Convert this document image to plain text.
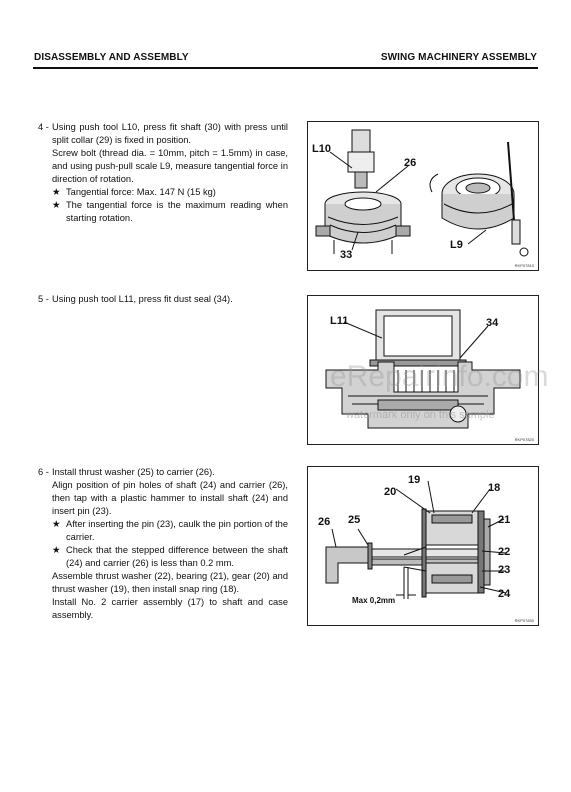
DISASSEMBLY AND ASSEMBLY	SWING MACHINERY ASSEMBLY
4 - Using push tool L10, press fit shaft (30) with press until split collar (29) is fixed in position.

Screw bolt (thread dia. = 10mm, pitch = 1.5mm) in case, and using push-pull scale L9, measure tangential force in direction of rotation.

★ Tangential force: Max. 147 N (15 kg)
★ The tangential force is the maximum reading when starting rotation.
5 - Using push tool L11, press fit dust seal (34).
6 - Install thrust washer (25) to carrier (26).

Align position of pin holes of shaft (24) and carrier (26), then tap with a plastic hammer to install shaft (24) and insert pin (23).

★ After inserting the pin (23), caulk the pin portion of the carrier.
★ Check that the stepped difference between the shaft (24) and carrier (26) is less than 0.2 mm.

Assemble thrust washer (22), bearing (21), gear (20) and thrust washer (19), then install snap ring (18).

Install No. 2 carrier assembly (17) to shaft and case assembly.

L10
26
33
L9
RKP07810
L11	34
RKP07820
19
18
20
21
26 25
22
23
24
Max 0,2mm
RKP07830
eRepairinfo.com
watermark only on this sample
